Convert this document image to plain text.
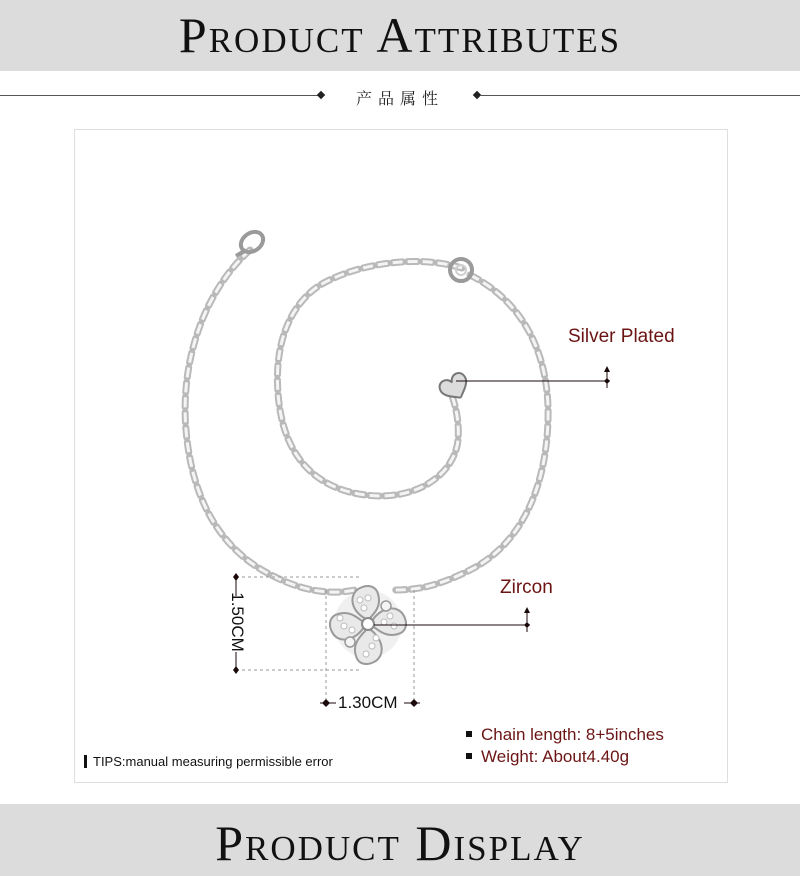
Product Attributes
产品属性
Silver Plated
Zircon
1.50CM
1.30CM
Chain length: 8+5inches
Weight: About4.40g
TIPS:manual measuring permissible error
Product Display
